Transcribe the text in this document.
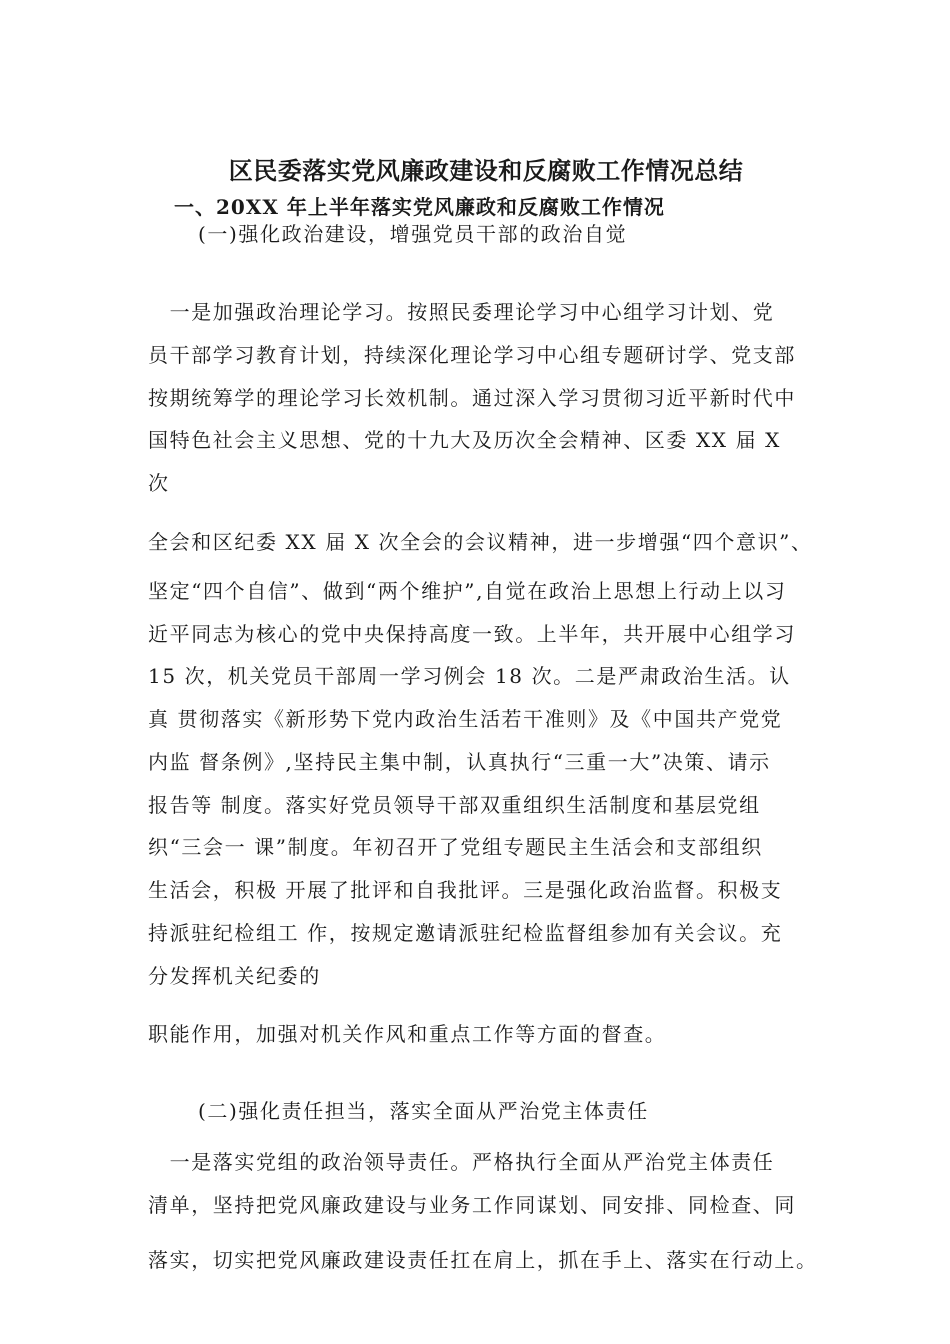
区民委落实党风廉政建设和反腐败工作情况总结
一、20XX 年上半年落实党风廉政和反腐败工作情况
(一)强化政治建设，增强党员干部的政治自觉
　一是加强政治理论学习。按照民委理论学习中心组学习计划、党
员干部学习教育计划，持续深化理论学习中心组专题研讨学、党支部
按期统筹学的理论学习长效机制。通过深入学习贯彻习近平新时代中
国特色社会主义思想、党的十九大及历次全会精神、区委 XX 届 X
次
全会和区纪委 XX 届 X 次全会的会议精神，进一步增强“四个意识”、
坚定“四个自信”、做到“两个维护”,自觉在政治上思想上行动上以习
近平同志为核心的党中央保持高度一致。上半年，共开展中心组学习
15 次，机关党员干部周一学习例会 18 次。二是严肃政治生活。认
真 贯彻落实《新形势下党内政治生活若干准则》及《中国共产党党
内监 督条例》,坚持民主集中制，认真执行“三重一大”决策、请示
报告等 制度。落实好党员领导干部双重组织生活制度和基层党组
织“三会一 课”制度。年初召开了党组专题民主生活会和支部组织
生活会，积极 开展了批评和自我批评。三是强化政治监督。积极支
持派驻纪检组工 作，按规定邀请派驻纪检监督组参加有关会议。充
分发挥机关纪委的
职能作用，加强对机关作风和重点工作等方面的督查。
(二)强化责任担当，落实全面从严治党主体责任
　一是落实党组的政治领导责任。严格执行全面从严治党主体责任
清单，坚持把党风廉政建设与业务工作同谋划、同安排、同检查、同
落实，切实把党风廉政建设责任扛在肩上，抓在手上、落实在行动上。
